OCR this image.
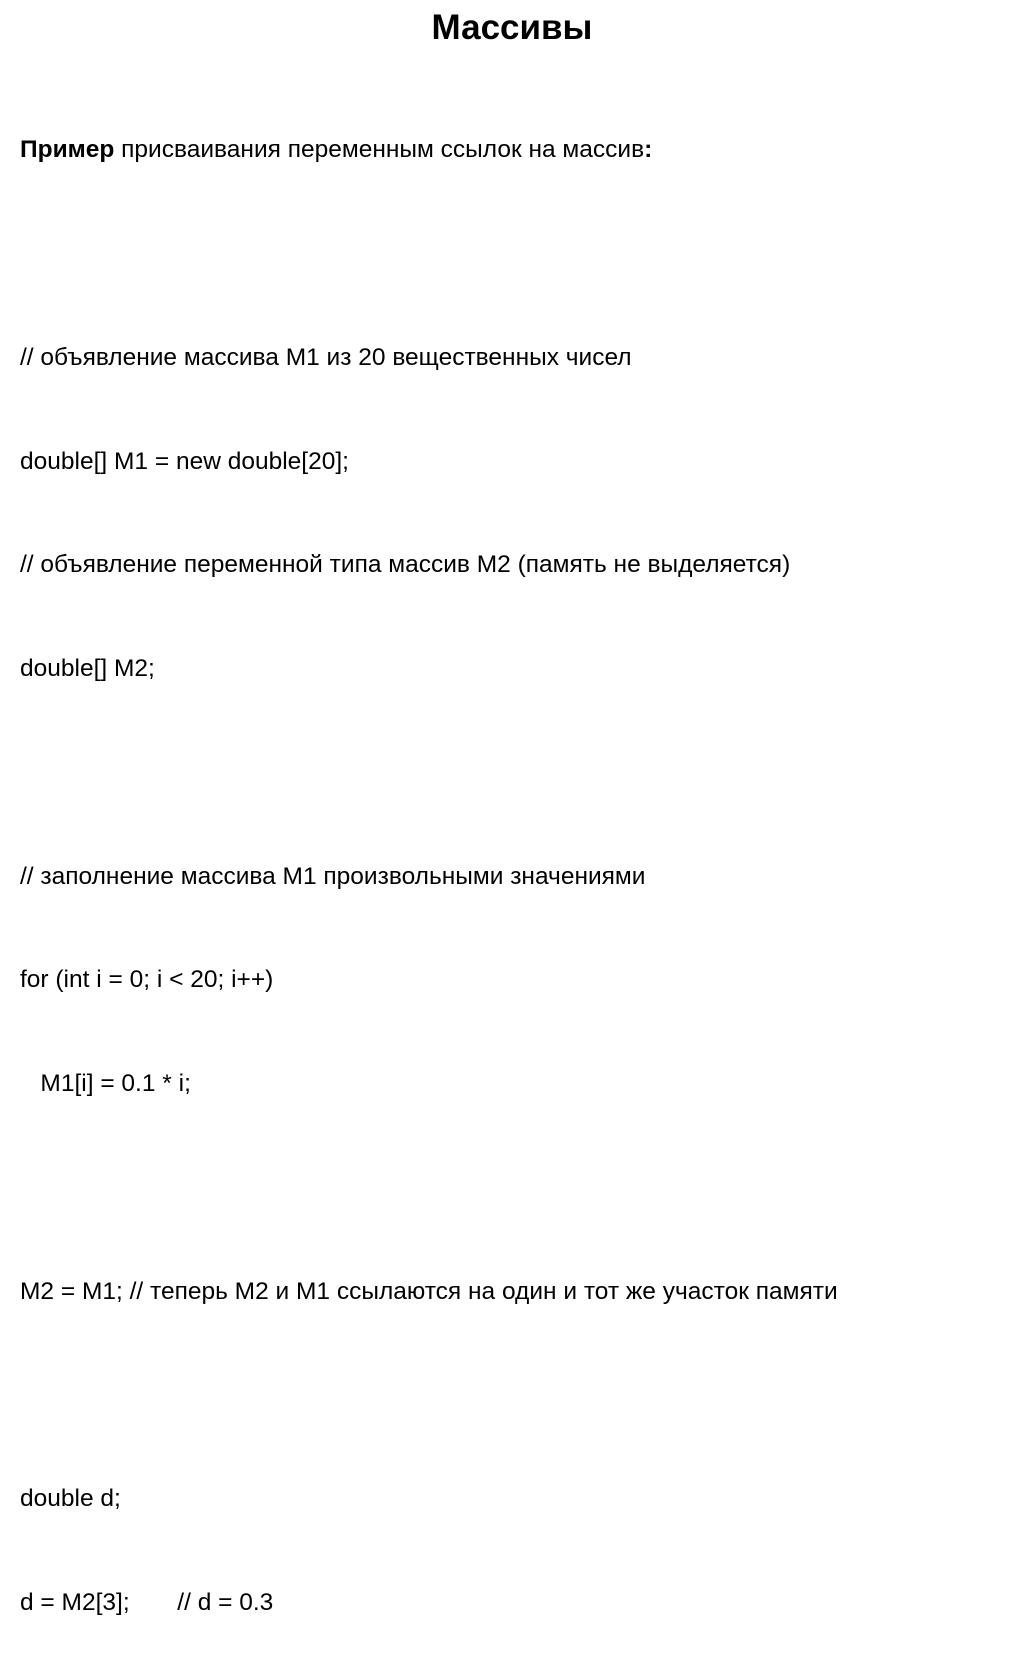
Массивы

Пример присваивания переменным ссылок на массив:

// объявление массива M1 из 20 вещественных чисел

double[] M1 = new double[20];

// объявление переменной типа массив M2 (память не выделяется)

double[] M2;

// заполнение массива M1 произвольными значениями

for (int i = 0; i < 20; i++)

M1[i] = 0.1 * i;

M2 = M1; // теперь M2 и M1 ссылаются на один и тот же участок памяти

double d;

d = M2[3];       // d = 0.3
